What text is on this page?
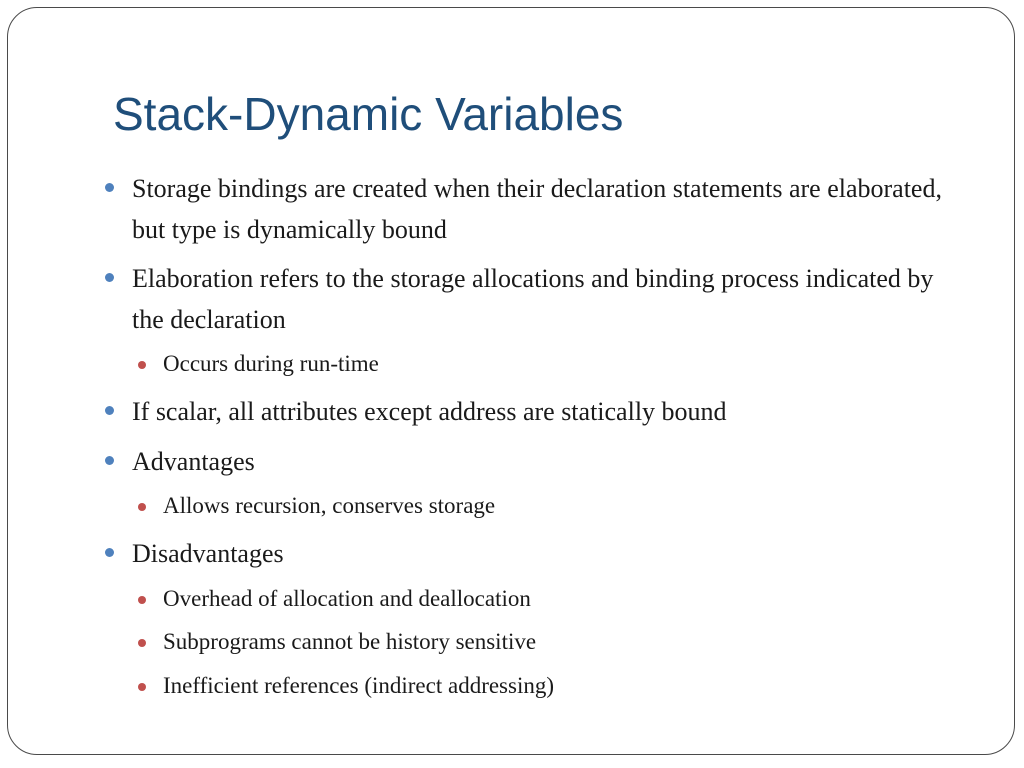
Stack-Dynamic Variables
Storage bindings are created when their declaration statements are elaborated, but type is dynamically bound
Elaboration refers to the storage allocations and binding process indicated by the declaration
Occurs during run-time
If scalar, all attributes except address are statically bound
Advantages
Allows recursion, conserves storage
Disadvantages
Overhead of allocation and deallocation
Subprograms cannot be history sensitive
Inefficient references (indirect addressing)
